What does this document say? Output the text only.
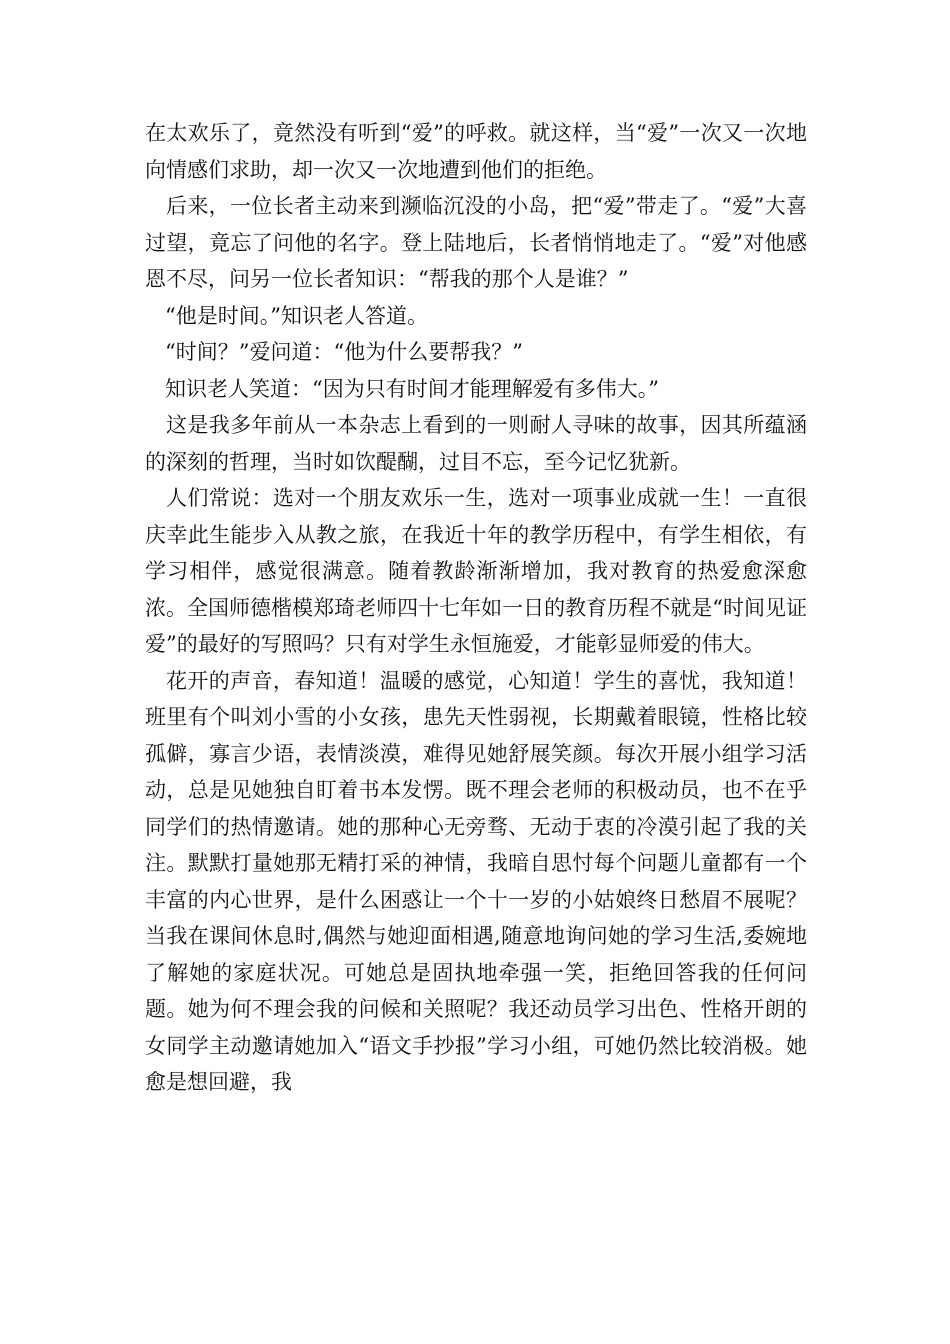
在太欢乐了，竟然没有听到“爱”的呼救。就这样，当“爱”一次又一次地向情感们求助，却一次又一次地遭到他们的拒绝。

后来，一位长者主动来到濒临沉没的小岛，把“爱”带走了。“爱”大喜过望，竟忘了问他的名字。登上陆地后，长者悄悄地走了。“爱”对他感恩不尽，问另一位长者知识：“帮我的那个人是谁？”

“他是时间。”知识老人答道。

“时间？”爱问道：“他为什么要帮我？”

知识老人笑道：“因为只有时间才能理解爱有多伟大。”

这是我多年前从一本杂志上看到的一则耐人寻味的故事，因其所蕴涵的深刻的哲理，当时如饮醍醐，过目不忘，至今记忆犹新。

人们常说：选对一个朋友欢乐一生，选对一项事业成就一生！一直很庆幸此生能步入从教之旅，在我近十年的教学历程中，有学生相依，有学习相伴，感觉很满意。随着教龄渐渐增加，我对教育的热爱愈深愈浓。全国师德楷模郑琦老师四十七年如一日的教育历程不就是“时间见证爱”的最好的写照吗？只有对学生永恒施爱，才能彰显师爱的伟大。

花开的声音，春知道！温暖的感觉，心知道！学生的喜忧，我知道！班里有个叫刘小雪的小女孩，患先天性弱视，长期戴着眼镜，性格比较孤僻，寡言少语，表情淡漠，难得见她舒展笑颜。每次开展小组学习活动，总是见她独自盯着书本发愣。既不理会老师的积极动员，也不在乎同学们的热情邀请。她的那种心无旁骛、无动于衷的冷漠引起了我的关注。默默打量她那无精打采的神情，我暗自思忖每个问题儿童都有一个丰富的内心世界，是什么困惑让一个十一岁的小姑娘终日愁眉不展呢？当我在课间休息时,偶然与她迎面相遇,随意地询问她的学习生活,委婉地了解她的家庭状况。可她总是固执地牵强一笑，拒绝回答我的任何问题。她为何不理会我的问候和关照呢？我还动员学习出色、性格开朗的女同学主动邀请她加入“语文手抄报”学习小组，可她仍然比较消极。她愈是想回避，我
